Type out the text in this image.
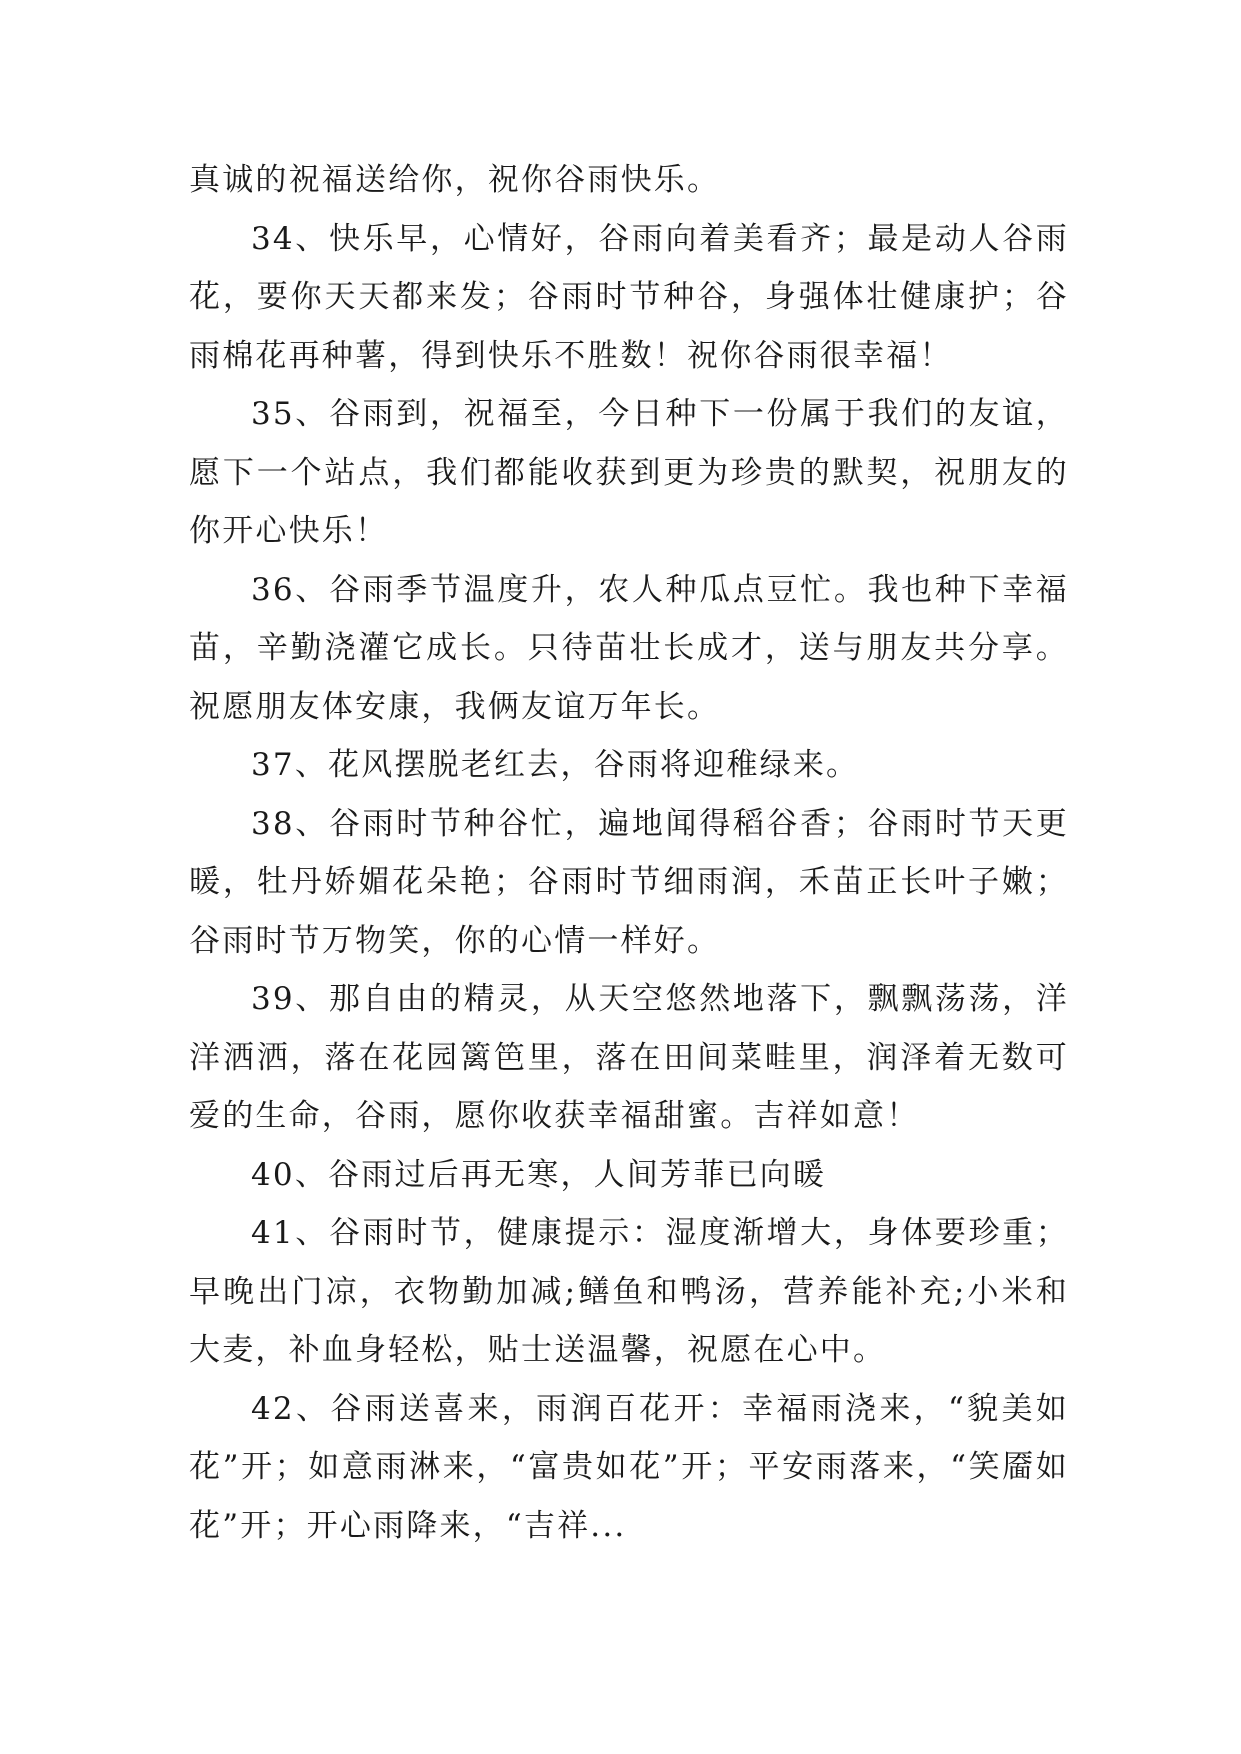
真诚的祝福送给你，祝你谷雨快乐。

34、快乐早，心情好，谷雨向着美看齐；最是动人谷雨花，要你天天都来发；谷雨时节种谷，身强体壮健康护；谷雨棉花再种薯，得到快乐不胜数！祝你谷雨很幸福！

35、谷雨到，祝福至，今日种下一份属于我们的友谊，愿下一个站点，我们都能收获到更为珍贵的默契，祝朋友的你开心快乐！

36、谷雨季节温度升，农人种瓜点豆忙。我也种下幸福苗，辛勤浇灌它成长。只待苗壮长成才，送与朋友共分享。祝愿朋友体安康，我俩友谊万年长。

37、花风摆脱老红去，谷雨将迎稚绿来。

38、谷雨时节种谷忙，遍地闻得稻谷香；谷雨时节天更暖，牡丹娇媚花朵艳；谷雨时节细雨润，禾苗正长叶子嫩；谷雨时节万物笑，你的心情一样好。

39、那自由的精灵，从天空悠然地落下，飘飘荡荡，洋洋洒洒，落在花园篱笆里，落在田间菜畦里，润泽着无数可爱的生命，谷雨，愿你收获幸福甜蜜。吉祥如意！

40、谷雨过后再无寒，人间芳菲已向暖

41、谷雨时节，健康提示：湿度渐增大，身体要珍重；早晚出门凉，衣物勤加减;鳝鱼和鸭汤，营养能补充;小米和大麦，补血身轻松，贴士送温馨，祝愿在心中。

42、谷雨送喜来，雨润百花开：幸福雨浇来，“貌美如花”开；如意雨淋来，“富贵如花”开；平安雨落来，“笑靥如花”开；开心雨降来，“吉祥...
